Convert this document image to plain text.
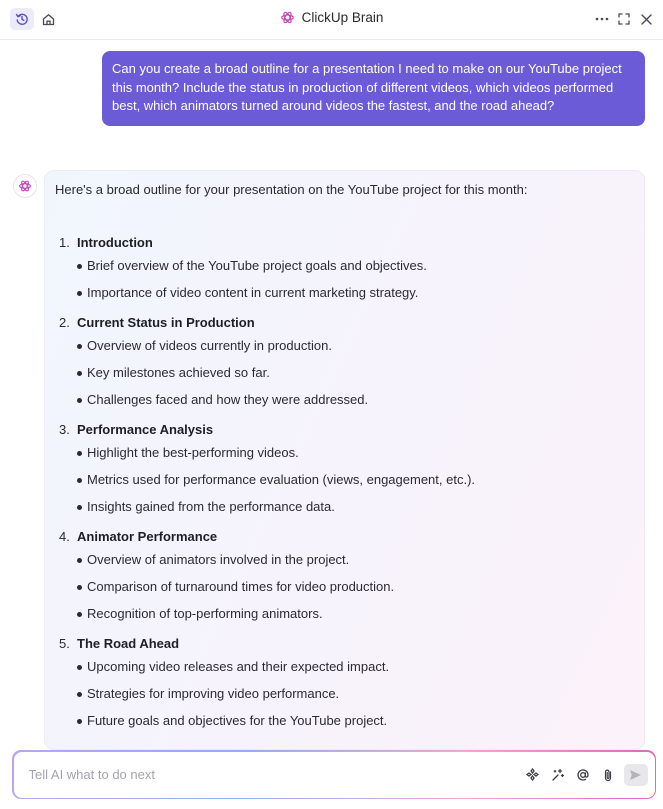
ClickUp Brain
Can you create a broad outline for a presentation I need to make on our YouTube project this month? Include the status in production of different videos, which videos performed best, which animators turned around videos the fastest, and the road ahead?
Here's a broad outline for your presentation on the YouTube project for this month:
1. Introduction
Brief overview of the YouTube project goals and objectives.
Importance of video content in current marketing strategy.
2. Current Status in Production
Overview of videos currently in production.
Key milestones achieved so far.
Challenges faced and how they were addressed.
3. Performance Analysis
Highlight the best-performing videos.
Metrics used for performance evaluation (views, engagement, etc.).
Insights gained from the performance data.
4. Animator Performance
Overview of animators involved in the project.
Comparison of turnaround times for video production.
Recognition of top-performing animators.
5. The Road Ahead
Upcoming video releases and their expected impact.
Strategies for improving video performance.
Future goals and objectives for the YouTube project.
Tell AI what to do next
